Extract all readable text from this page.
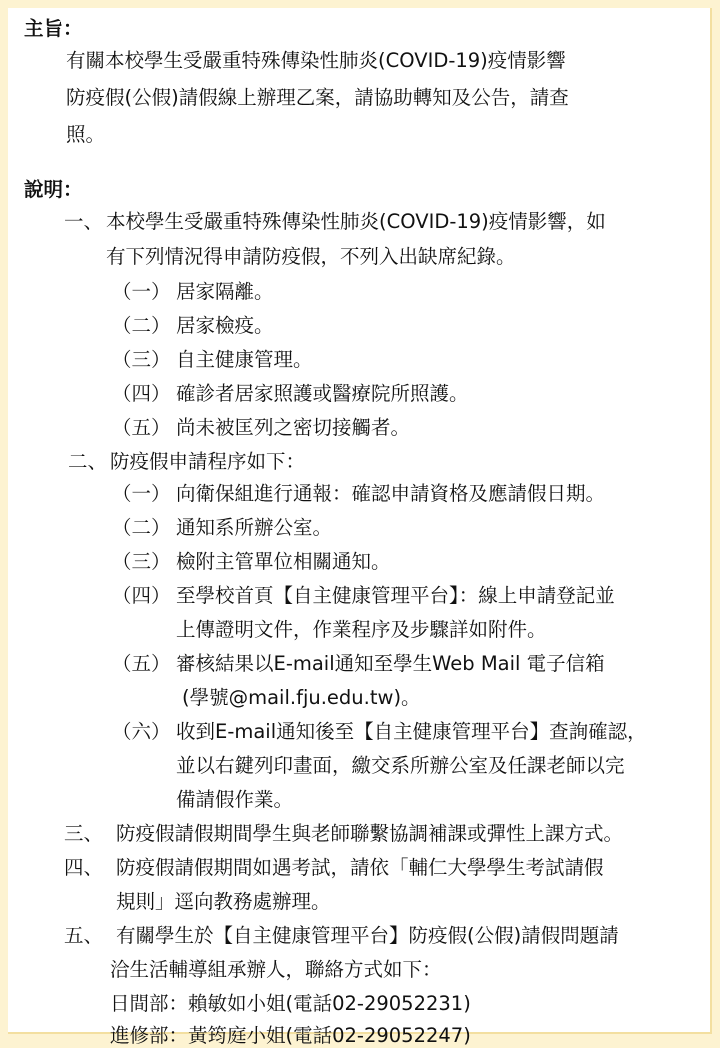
主旨：
有關本校學生受嚴重特殊傳染性肺炎(COVID-19)疫情影響
防疫假(公假)請假線上辦理乙案，請協助轉知及公告，請查
照。
說明：
一、 本校學生受嚴重特殊傳染性肺炎(COVID-19)疫情影響，如
有下列情況得申請防疫假，不列入出缺席紀錄。
（一） 居家隔離。
（二） 居家檢疫。
（三） 自主健康管理。
（四） 確診者居家照護或醫療院所照護。
（五） 尚未被匡列之密切接觸者。
二、 防疫假申請程序如下：
（一） 向衛保組進行通報：確認申請資格及應請假日期。
（二） 通知系所辦公室。
（三） 檢附主管單位相關通知。
（四） 至學校首頁【自主健康管理平台】：線上申請登記並
上傳證明文件，作業程序及步驟詳如附件。
（五） 審核結果以E-mail通知至學生Web Mail 電子信箱
(學號@mail.fju.edu.tw)。
（六） 收到E-mail通知後至【自主健康管理平台】查詢確認，
並以右鍵列印畫面，繳交系所辦公室及任課老師以完
備請假作業。
三、 防疫假請假期間學生與老師聯繫協調補課或彈性上課方式。
四、 防疫假請假期間如遇考試，請依「輔仁大學學生考試請假
規則」逕向教務處辦理。
五、 有關學生於【自主健康管理平台】防疫假(公假)請假問題請
洽生活輔導組承辦人，聯絡方式如下：
日間部：賴敏如小姐(電話02-29052231)
進修部：黃筠庭小姐(電話02-29052247)
